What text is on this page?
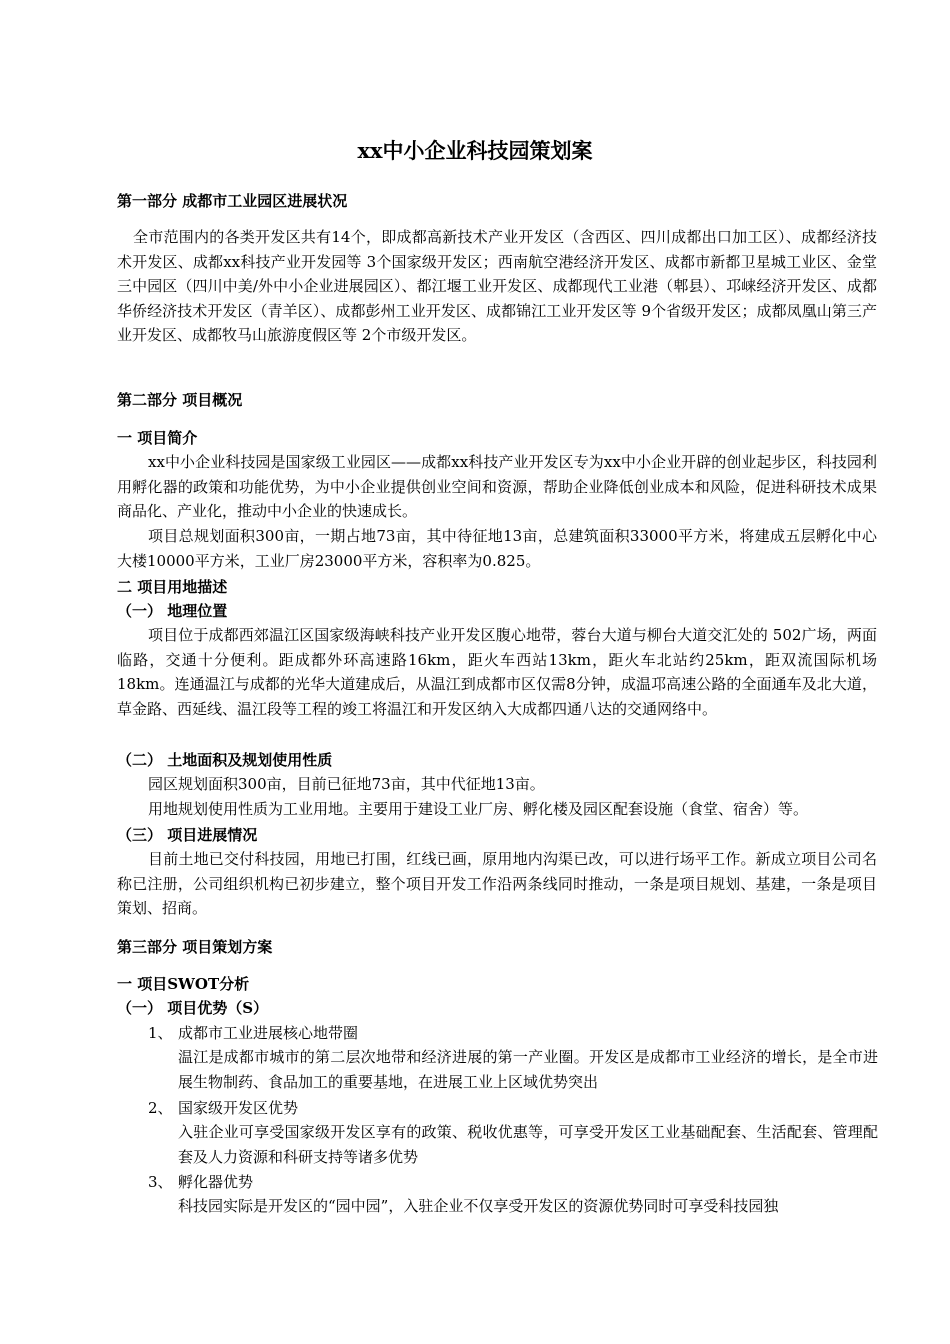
xx中小企业科技园策划案
第一部分 成都市工业园区进展状况

全市范围内的各类开发区共有14个，即成都高新技术产业开发区（含西区、四川成都出口加工区）、成都经济技术开发区、成都xx科技产业开发园等 3个国家级开发区；西南航空港经济开发区、成都市新都卫星城工业区、金堂三中园区（四川中美/外中小企业进展园区）、都江堰工业开发区、成都现代工业港（郫县）、邛崃经济开发区、成都华侨经济技术开发区（青羊区）、成都彭州工业开发区、成都锦江工业开发区等 9个省级开发区；成都凤凰山第三产业开发区、成都牧马山旅游度假区等 2个市级开发区。

第二部分 项目概况
一 项目简介

xx中小企业科技园是国家级工业园区——成都xx科技产业开发区专为xx中小企业开辟的创业起步区，科技园利用孵化器的政策和功能优势，为中小企业提供创业空间和资源，帮助企业降低创业成本和风险，促进科研技术成果商品化、产业化，推动中小企业的快速成长。

项目总规划面积300亩，一期占地73亩，其中待征地13亩，总建筑面积33000平方米，将建成五层孵化中心大楼10000平方米，工业厂房23000平方米，容积率为0.825。

二 项目用地描述
（一） 地理位置

项目位于成都西郊温江区国家级海峡科技产业开发区腹心地带，蓉台大道与柳台大道交汇处的 502广场，两面临路，交通十分便利。距成都外环高速路16km，距火车西站13km，距火车北站约25km，距双流国际机场18km。连通温江与成都的光华大道建成后，从温江到成都市区仅需8分钟，成温邛高速公路的全面通车及北大道，草金路、西延线、温江段等工程的竣工将温江和开发区纳入大成都四通八达的交通网络中。

（二） 土地面积及规划使用性质

园区规划面积300亩，目前已征地73亩，其中代征地13亩。

用地规划使用性质为工业用地。主要用于建设工业厂房、孵化楼及园区配套设施（食堂、宿舍）等。

（三） 项目进展情况

目前土地已交付科技园，用地已打围，红线已画，原用地内沟渠已改，可以进行场平工作。新成立项目公司名称已注册，公司组织机构已初步建立，整个项目开发工作沿两条线同时推动，一条是项目规划、基建，一条是项目策划、招商。

第三部分 项目策划方案
一 项目SWOT分析
（一） 项目优势（S）
1、 成都市工业进展核心地带圈

温江是成都市城市的第二层次地带和经济进展的第一产业圈。开发区是成都市工业经济的增长，是全市进展生物制药、食品加工的重要基地，在进展工业上区域优势突出

2、 国家级开发区优势

入驻企业可享受国家级开发区享有的政策、税收优惠等，可享受开发区工业基础配套、生活配套、管理配套及人力资源和科研支持等诸多优势

3、 孵化器优势

科技园实际是开发区的“园中园”，入驻企业不仅享受开发区的资源优势同时可享受科技园独
